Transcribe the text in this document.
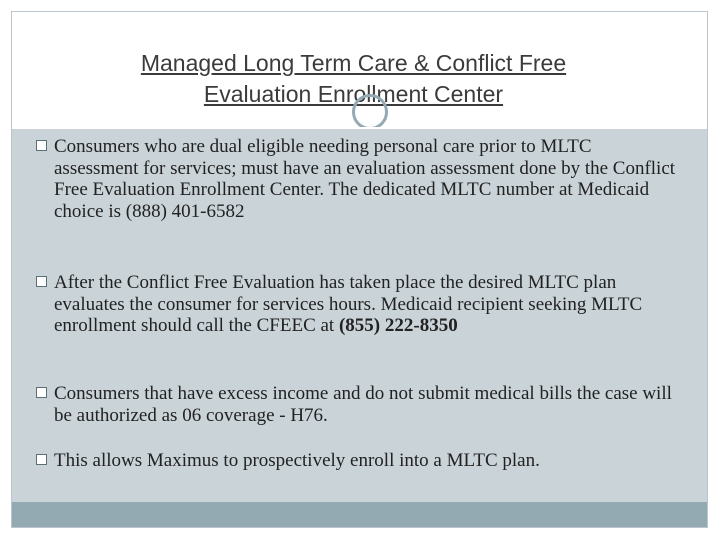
Managed Long Term Care & Conflict Free
Evaluation Enrollment Center
Consumers who are dual eligible needing personal care prior to MLTC assessment for services; must have an evaluation assessment done by the Conflict Free Evaluation Enrollment Center. The dedicated MLTC number at Medicaid choice is (888) 401-6582
After the Conflict Free Evaluation has taken place the desired MLTC plan evaluates the consumer for services hours. Medicaid recipient seeking MLTC enrollment should call the CFEEC at (855) 222-8350
Consumers that have excess income and do not submit medical bills the case will be authorized as 06 coverage - H76.
This allows Maximus to prospectively enroll into a MLTC plan.
